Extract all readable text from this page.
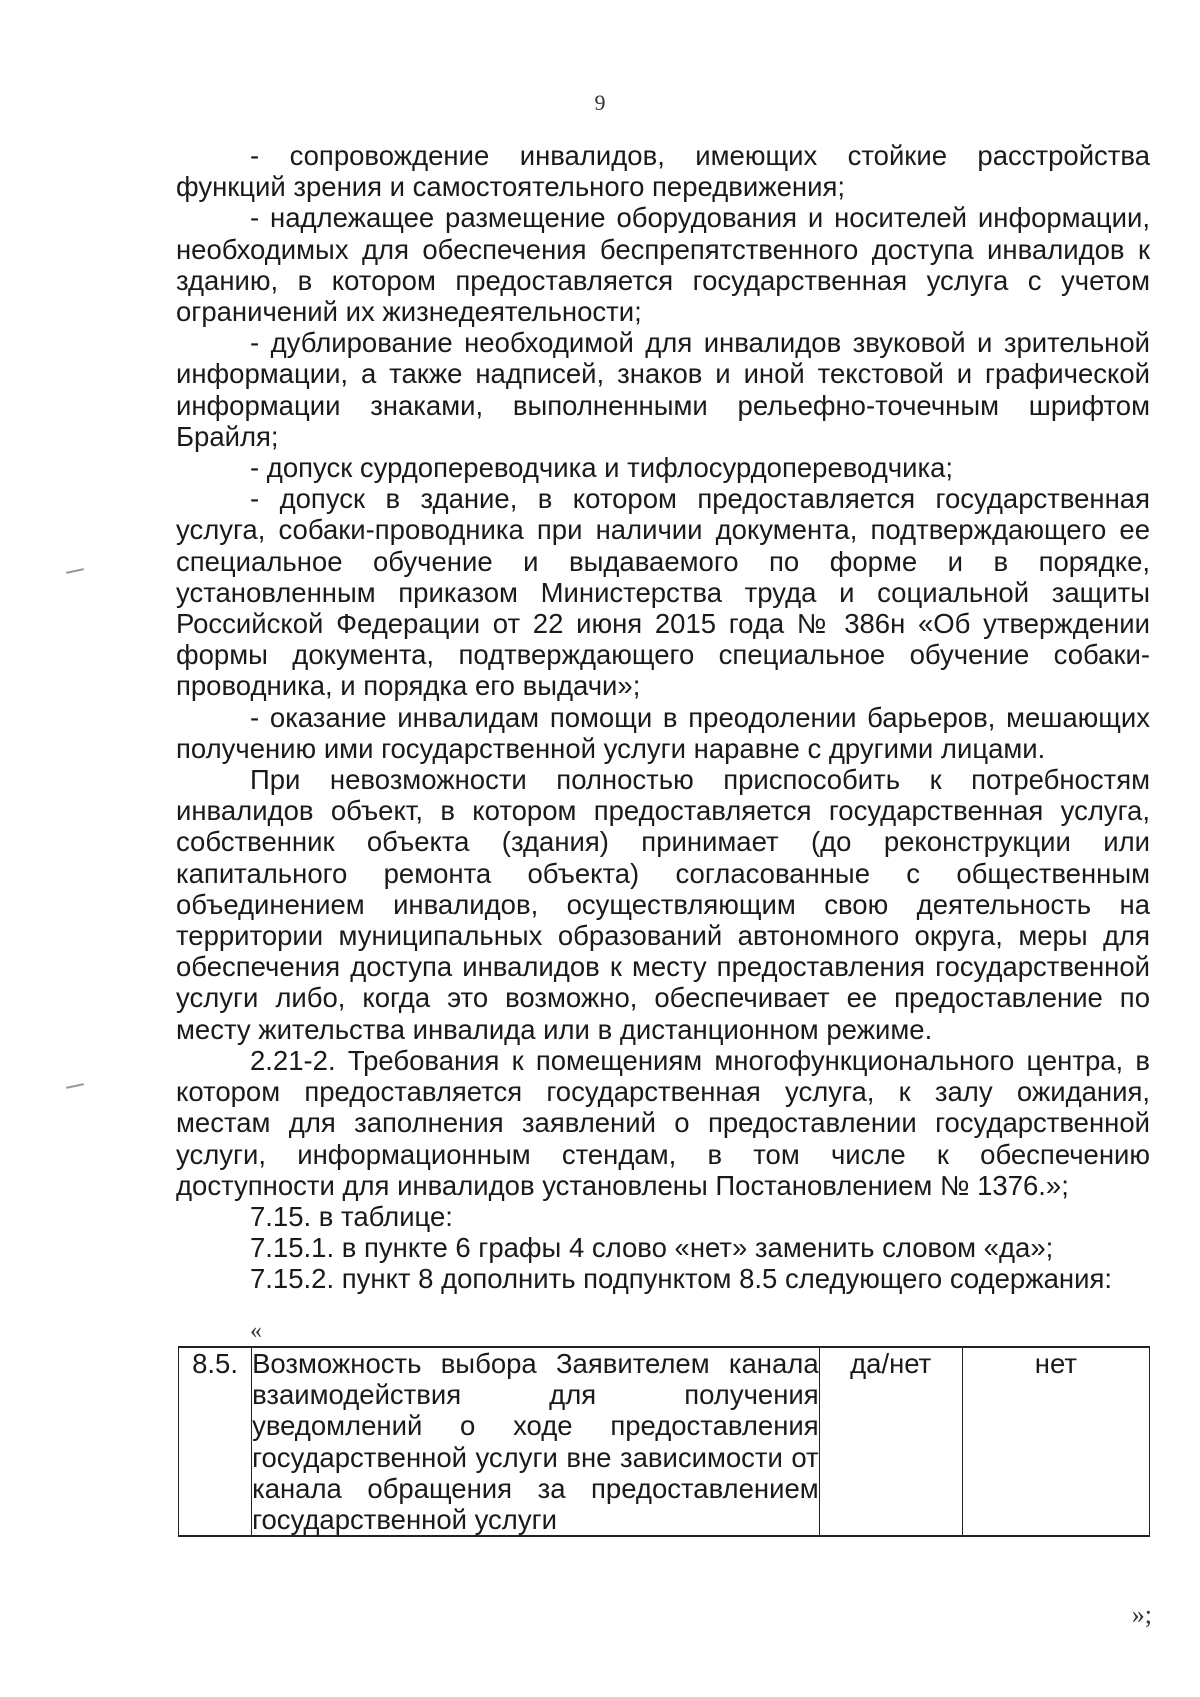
9

- сопровождение инвалидов, имеющих стойкие расстройства функций зрения и самостоятельного передвижения;

- надлежащее размещение оборудования и носителей информации, необходимых для обеспечения беспрепятственного доступа инвалидов к зданию, в котором предоставляется государственная услуга с учетом ограничений их жизнедеятельности;

- дублирование необходимой для инвалидов звуковой и зрительной информации, а также надписей, знаков и иной текстовой и графической информации знаками, выполненными рельефно-точечным шрифтом Брайля;

- допуск сурдопереводчика и тифлосурдопереводчика;

- допуск в здание, в котором предоставляется государственная услуга, собаки-проводника при наличии документа, подтверждающего ее специальное обучение и выдаваемого по форме и в порядке, установленным приказом Министерства труда и социальной защиты Российской Федерации от 22 июня 2015 года № 386н «Об утверждении формы документа, подтверждающего специальное обучение собаки-проводника, и порядка его выдачи»;

- оказание инвалидам помощи в преодолении барьеров, мешающих получению ими государственной услуги наравне с другими лицами.

При невозможности полностью приспособить к потребностям инвалидов объект, в котором предоставляется государственная услуга, собственник объекта (здания) принимает (до реконструкции или капитального ремонта объекта) согласованные с общественным объединением инвалидов, осуществляющим свою деятельность на территории муниципальных образований автономного округа, меры для обеспечения доступа инвалидов к месту предоставления государственной услуги либо, когда это возможно, обеспечивает ее предоставление по месту жительства инвалида или в дистанционном режиме.

2.21-2. Требования к помещениям многофункционального центра, в котором предоставляется государственная услуга, к залу ожидания, местам для заполнения заявлений о предоставлении государственной услуги, информационным стендам, в том числе к обеспечению доступности для инвалидов установлены Постановлением № 1376.»;

7.15. в таблице:

7.15.1. в пункте 6 графы 4 слово «нет» заменить словом «да»;

7.15.2. пункт 8 дополнить подпунктом 8.5 следующего содержания:

«
8.5.	Возможность выбора Заявителем канала взаимодействия для получения уведомлений о ходе предоставления государственной услуги вне зависимости от канала обращения за предоставлением государственной услуги	да/нет	нет
»;
